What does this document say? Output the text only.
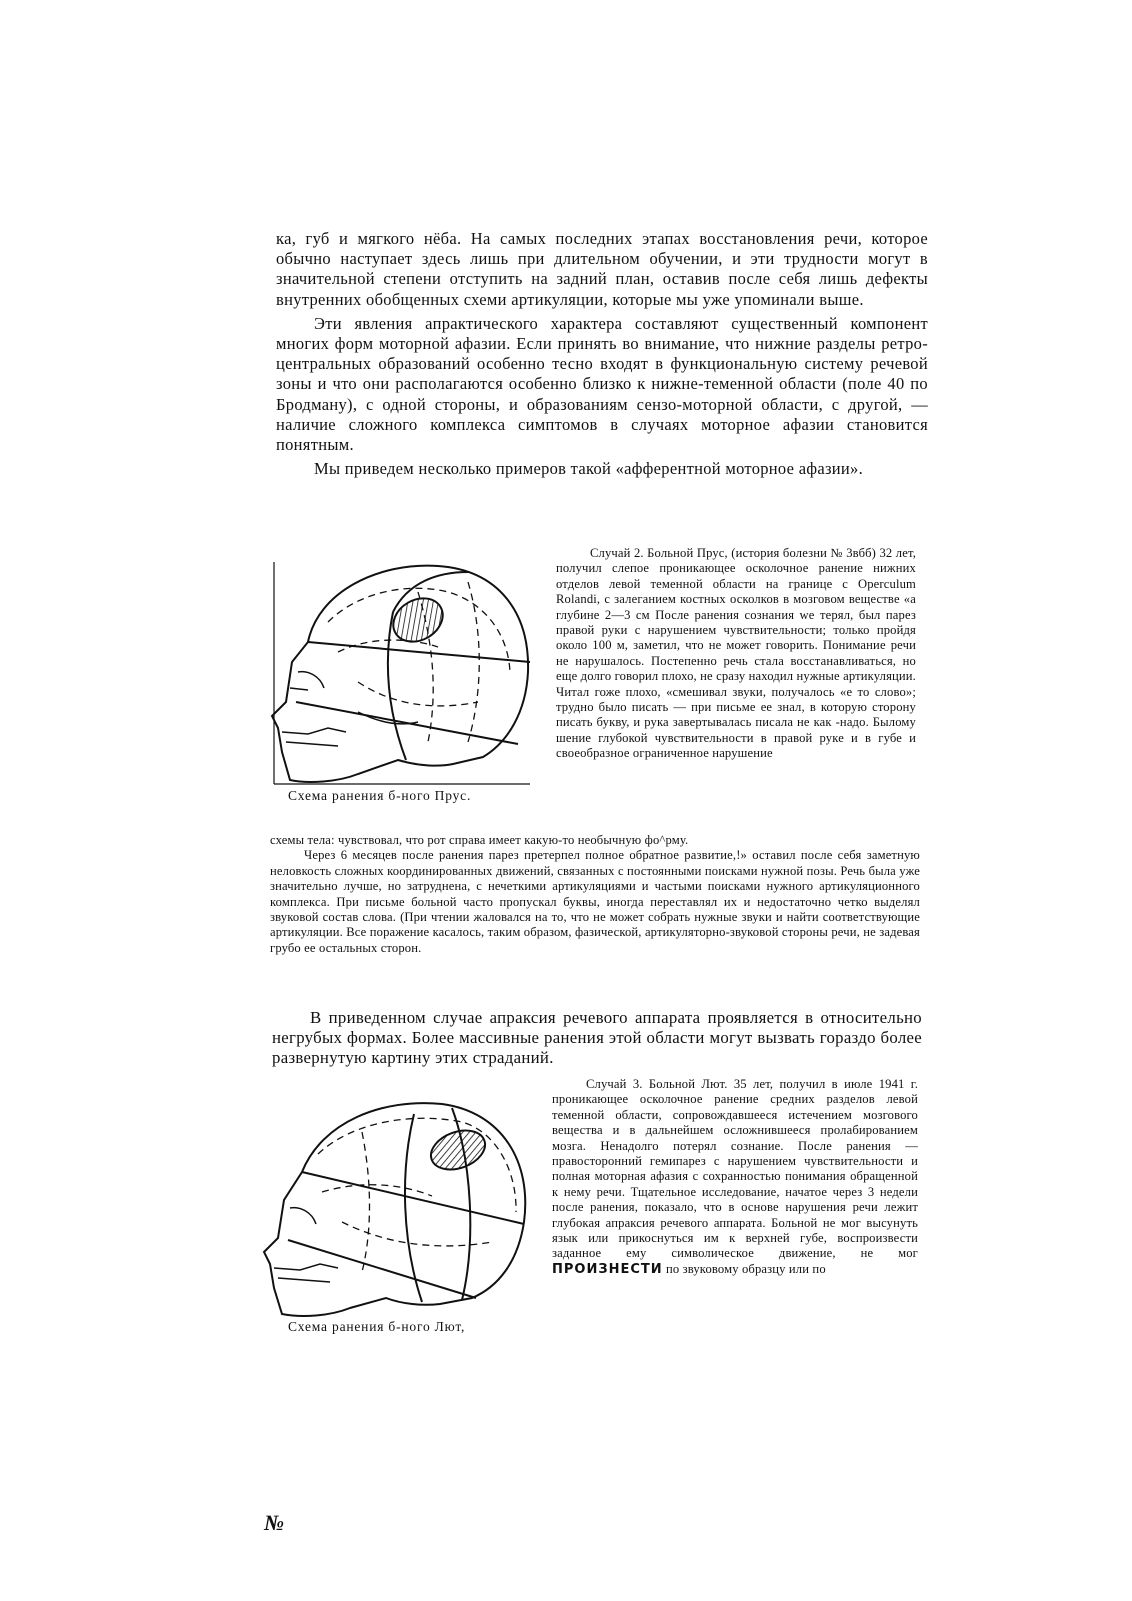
ка, губ и мягкого нёба. На самых последних этапах восстановления речи, которое обычно наступает здесь лишь при длительном обучении, и эти трудности могут в значительной степени отступить на задний план, оставив после себя лишь дефекты внутренних обобщенных схеми артикуляции, которые мы уже упоминали выше.

Эти явления апрактического характера составляют существенный компонент многих форм моторной афазии. Если принять во внимание, что нижние разделы ретро-центральных образований особенно тесно входят в функциональную систему речевой зоны и что они располагаются особенно близко к нижне-теменной области (поле 40 по Бродману), с одной стороны, и образованиям сензо-моторной области, с другой, — наличие сложного комплекса симптомов в случаях моторное афазии становится понятным.

Мы приведем несколько примеров такой «афферентной моторное афазии».

Схема ранения б-ного Прус.

Случай 2. Больной Прус, (история болезни № 3вбб) 32 лет, получил слепое проникающее осколочное ранение нижних отделов левой теменной области на границе с Operculum Rolandi, с залеганием костных осколков в мозговом веществе «а глубине 2—3 см После ранения сознания we терял, был парез правой руки с нарушением чувствительности; только пройдя около 100 м, заметил, что не может говорить. Понимание речи не нарушалось. Постепенно речь стала восстанавливаться, но еще долго говорил плохо, не сразу находил нужные артикуляции. Читал гоже плохо, «смешивал звуки, получалось «е то слово»; трудно было писать — при письме ее знал, в которую сторону писать букву, и рука завертывалась писала не как -надо. Былому шение глубокой чувствительности в правой руке и в губе и своеобразное ограниченное нарушение

схемы тела: чувствовал, что рот справа имеет какую-то необычную фо^рму.

Через 6 месяцев после ранения парез претерпел полное обратное развитие,!» оставил после себя заметную неловкость сложных координированных движений, связанных с постоянными поисками нужной позы. Речь была уже значительно лучше, но затруднена, с нечеткими артикуляциями и частыми поисками нужного артикуляционного комплекса. При письме больной часто пропускал буквы, иногда переставлял их и недостаточно четко выделял звуковой состав слова. (При чтении жаловался на то, что не может собрать нужные звуки и найти соответствующие артикуляции. Все поражение касалось, таким образом, фазической, артикуляторно-звуковой стороны речи, не задевая грубо ее остальных сторон.

В приведенном случае апраксия речевого аппарата проявляется в относительно негрубых формах. Более массивные ранения этой области могут вызвать гораздо более развернутую картину этих страданий.

Схема ранения б-ного Лют,

Случай 3. Больной Лют. 35 лет, получил в июле 1941 г. проникающее осколочное ранение средних разделов левой теменной области, сопровождавшееся истечением мозгового вещества и в дальнейшем осложнившееся пролабированием мозга. Ненадолго потерял сознание. После ранения — правосторонний гемипарез с нарушением чувствительности и полная моторная афазия с сохранностью понимания обращенной к нему речи. Тщательное исследование, начатое через 3 недели после ранения, показало, что в основе нарушения речи лежит глубокая апраксия речевого аппарата. Больной не мог высунуть язык или прикоснуться им к верхней губе, воспроизвести заданное ему символическое движение, не мог ПРОИЗНЕСТИ по звуковому образцу или по

№
